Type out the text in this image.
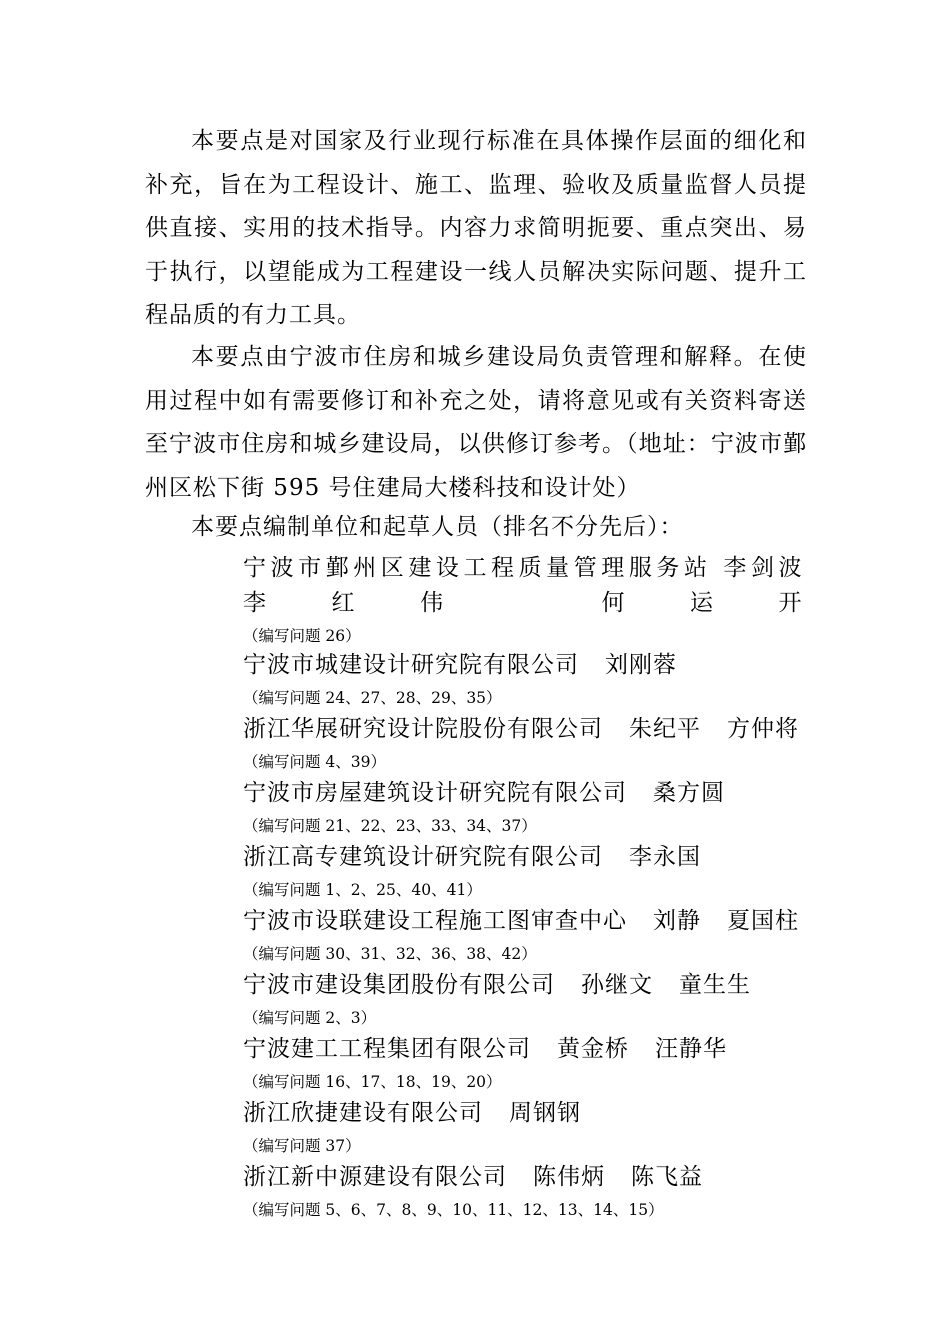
本要点是对国家及行业现行标准在具体操作层面的细化和补充，旨在为工程设计、施工、监理、验收及质量监督人员提供直接、实用的技术指导。内容力求简明扼要、重点突出、易于执行，以望能成为工程建设一线人员解决实际问题、提升工程品质的有力工具。

本要点由宁波市住房和城乡建设局负责管理和解释。在使用过程中如有需要修订和补充之处，请将意见或有关资料寄送至宁波市住房和城乡建设局，以供修订参考。（地址：宁波市鄞州区松下街 595 号住建局大楼科技和设计处）

本要点编制单位和起草人员（排名不分先后）：

宁波市鄞州区建设工程质量管理服务站 李剑波 李红伟	何运开
（编写问题 26）
宁波市城建设计研究院有限公司 刘刚蓉
（编写问题 24、27、28、29、35）
浙江华展研究设计院股份有限公司 朱纪平 方仲将
（编写问题 4、39）
宁波市房屋建筑设计研究院有限公司 桑方圆
（编写问题 21、22、23、33、34、37）
浙江高专建筑设计研究院有限公司 李永国
（编写问题 1、2、25、40、41）
宁波市设联建设工程施工图审查中心 刘静 夏国柱
（编写问题 30、31、32、36、38、42）
宁波市建设集团股份有限公司 孙继文 童生生
（编写问题 2、3）
宁波建工工程集团有限公司 黄金桥 汪静华
（编写问题 16、17、18、19、20）
浙江欣捷建设有限公司 周钢钢
（编写问题 37）
浙江新中源建设有限公司 陈伟炳 陈飞益
（编写问题 5、6、7、8、9、10、11、12、13、14、15）
